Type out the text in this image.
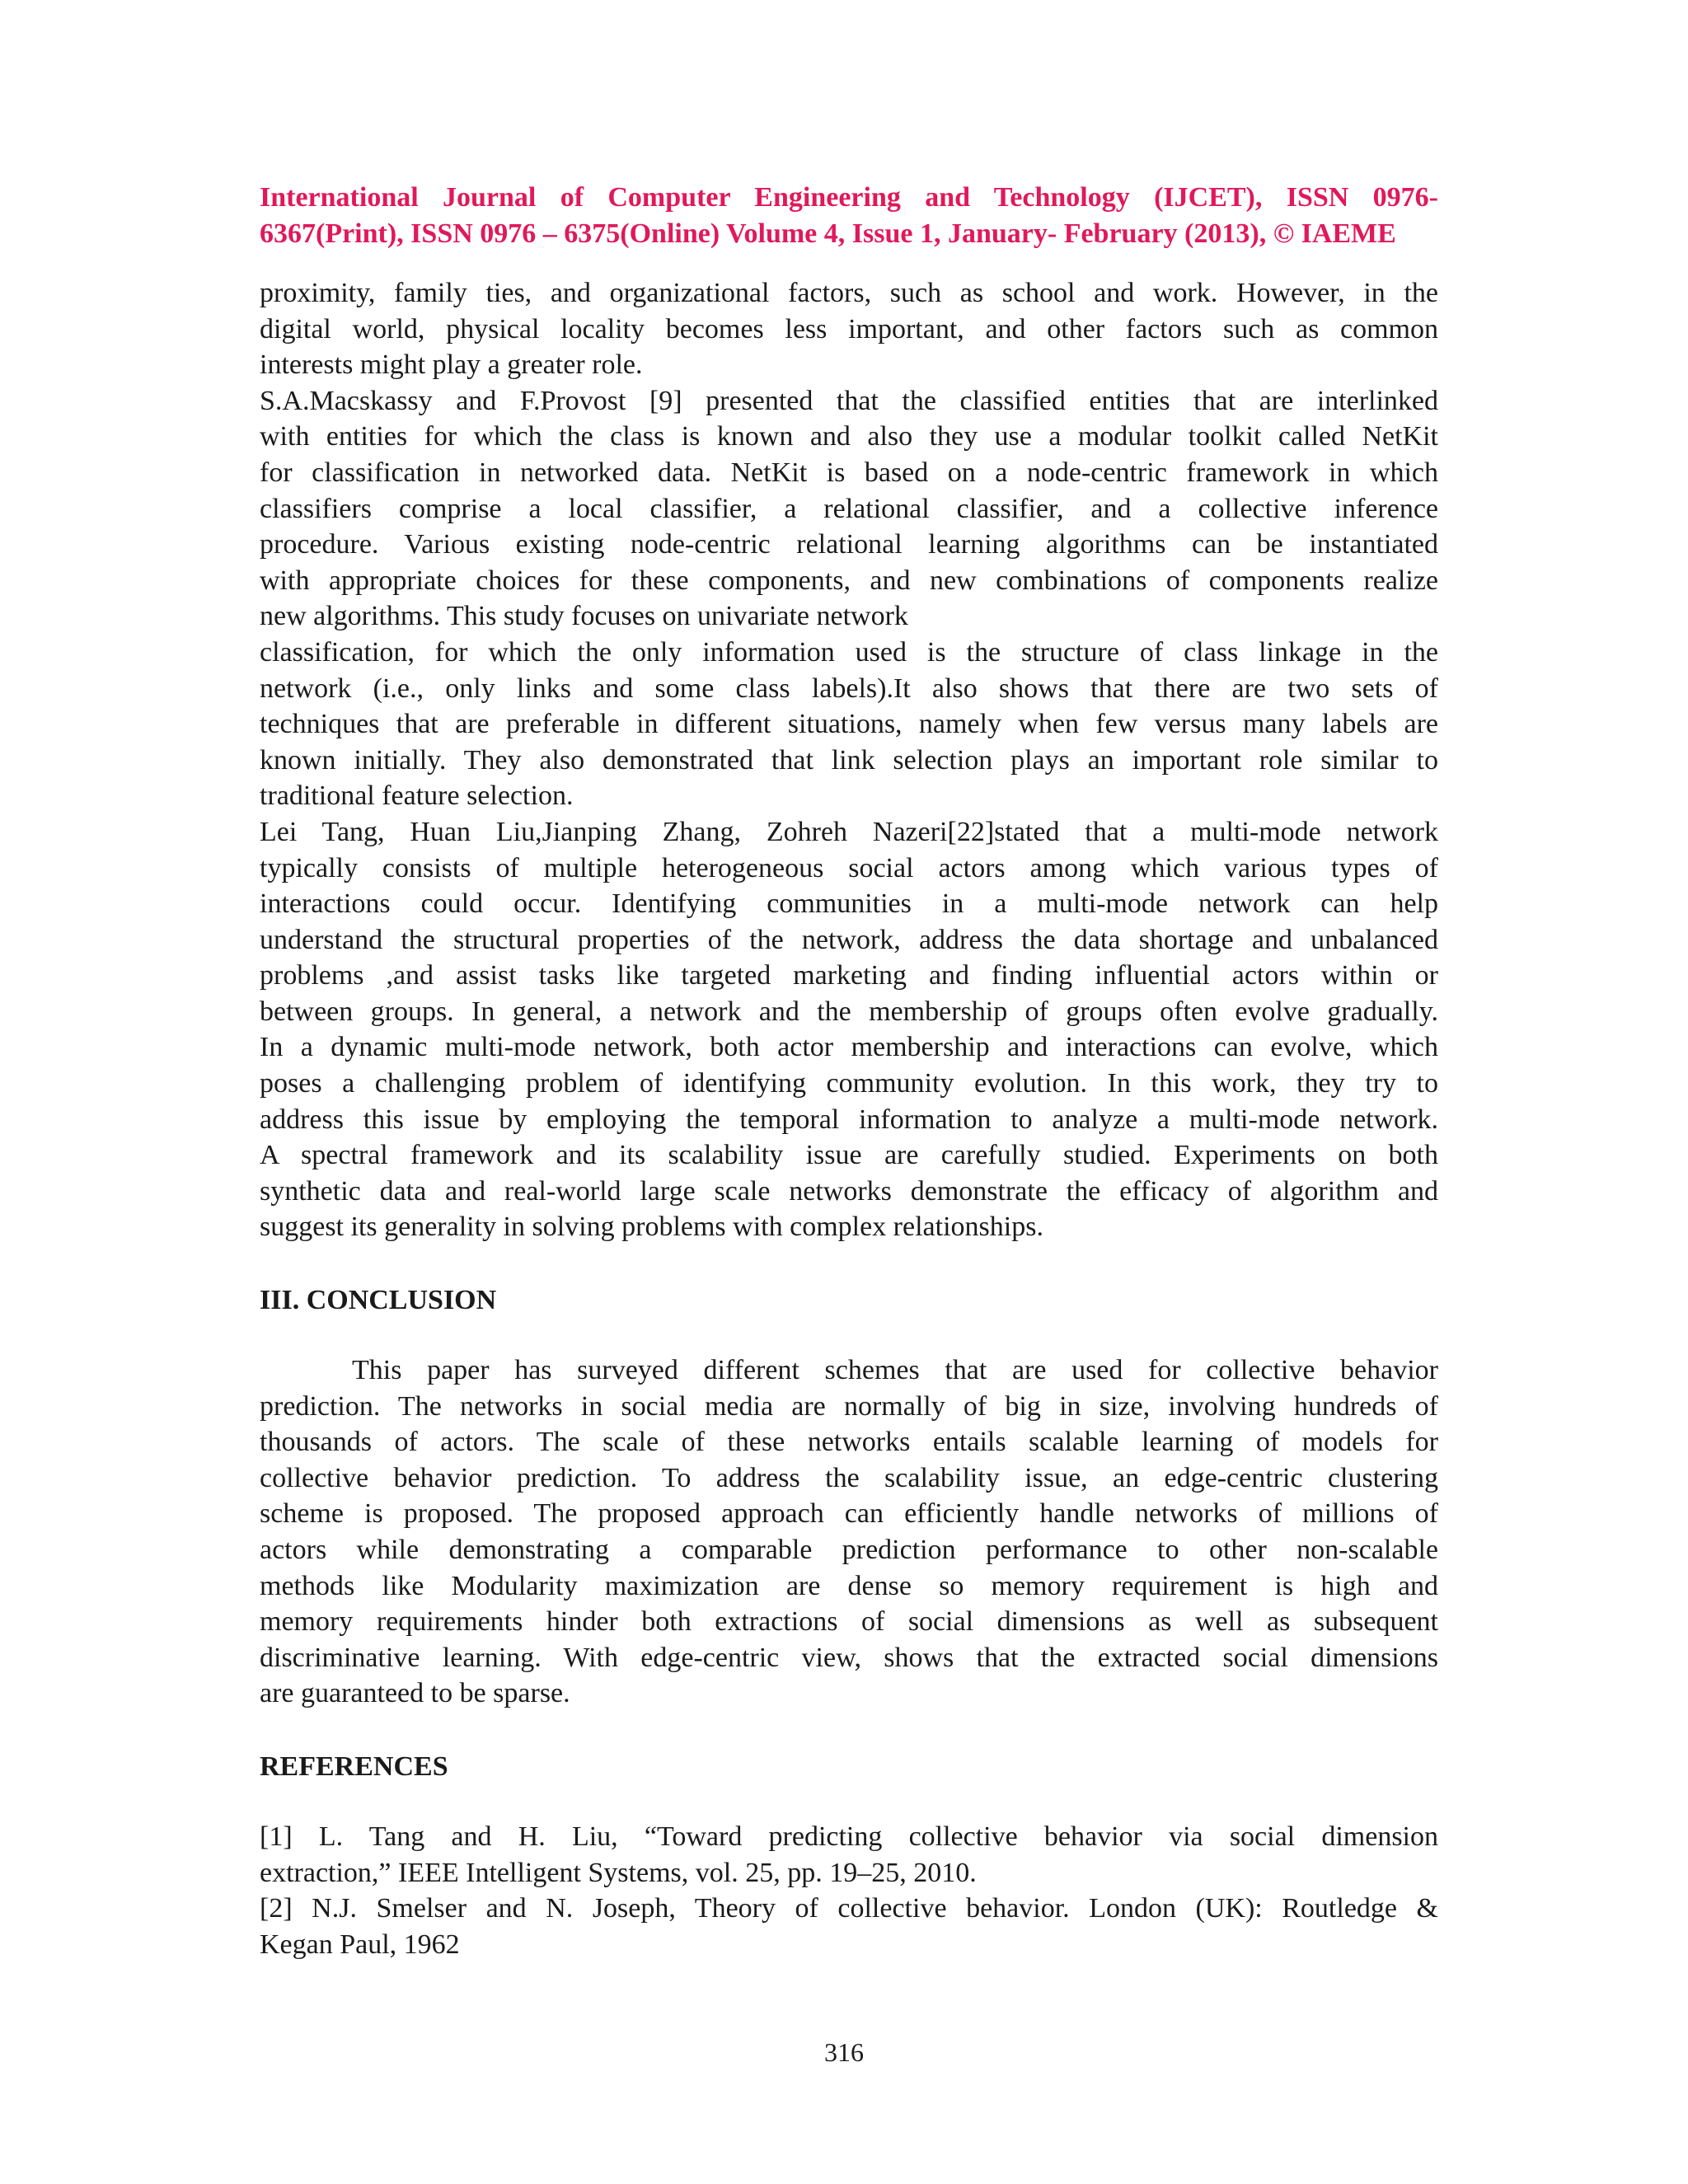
International Journal of Computer Engineering and Technology (IJCET), ISSN 0976-
6367(Print), ISSN 0976 – 6375(Online) Volume 4, Issue 1, January- February (2013), © IAEME
proximity, family ties, and organizational factors, such as school and work. However, in the
digital world, physical locality becomes less important, and other factors such as common
interests might play a greater role.
S.A.Macskassy and F.Provost [9] presented that the classified entities that are interlinked
with entities for which the class is known and also they use a modular toolkit called NetKit
for classification in networked data. NetKit is based on a node-centric framework in which
classifiers comprise a local classifier, a relational classifier, and a collective inference
procedure. Various existing node-centric relational learning algorithms can be instantiated
with appropriate choices for these components, and new combinations of components realize
new algorithms. This study focuses on univariate network
classification, for which the only information used is the structure of class linkage in the
network (i.e., only links and some class labels).It also shows that there are two sets of
techniques that are preferable in different situations, namely when few versus many labels are
known initially. They also demonstrated that link selection plays an important role similar to
traditional feature selection.
Lei Tang, Huan Liu,Jianping Zhang, Zohreh Nazeri[22]stated that a multi-mode network
typically consists of multiple heterogeneous social actors among which various types of
interactions could occur. Identifying communities in a multi-mode network can help
understand the structural properties of the network, address the data shortage and unbalanced
problems ,and assist tasks like targeted marketing and finding influential actors within or
between groups. In general, a network and the membership of groups often evolve gradually.
In a dynamic multi-mode network, both actor membership and interactions can evolve, which
poses a challenging problem of identifying community evolution. In this work, they try to
address this issue by employing the temporal information to analyze a multi-mode network.
A spectral framework and its scalability issue are carefully studied. Experiments on both
synthetic data and real-world large scale networks demonstrate the efficacy of algorithm and
suggest its generality in solving problems with complex relationships.
III. CONCLUSION
This paper has surveyed different schemes that are used for collective behavior
prediction. The networks in social media are normally of big in size, involving hundreds of
thousands of actors. The scale of these networks entails scalable learning of models for
collective behavior prediction. To address the scalability issue, an edge-centric clustering
scheme is proposed. The proposed approach can efficiently handle networks of millions of
actors while demonstrating a comparable prediction performance to other non-scalable
methods like Modularity maximization are dense so memory requirement is high and
memory requirements hinder both extractions of social dimensions as well as subsequent
discriminative learning. With edge-centric view, shows that the extracted social dimensions
are guaranteed to be sparse.
REFERENCES
[1] L. Tang and H. Liu, “Toward predicting collective behavior via social dimension
extraction,” IEEE Intelligent Systems, vol. 25, pp. 19–25, 2010.
[2] N.J. Smelser and N. Joseph, Theory of collective behavior. London (UK): Routledge &
Kegan Paul, 1962
316
